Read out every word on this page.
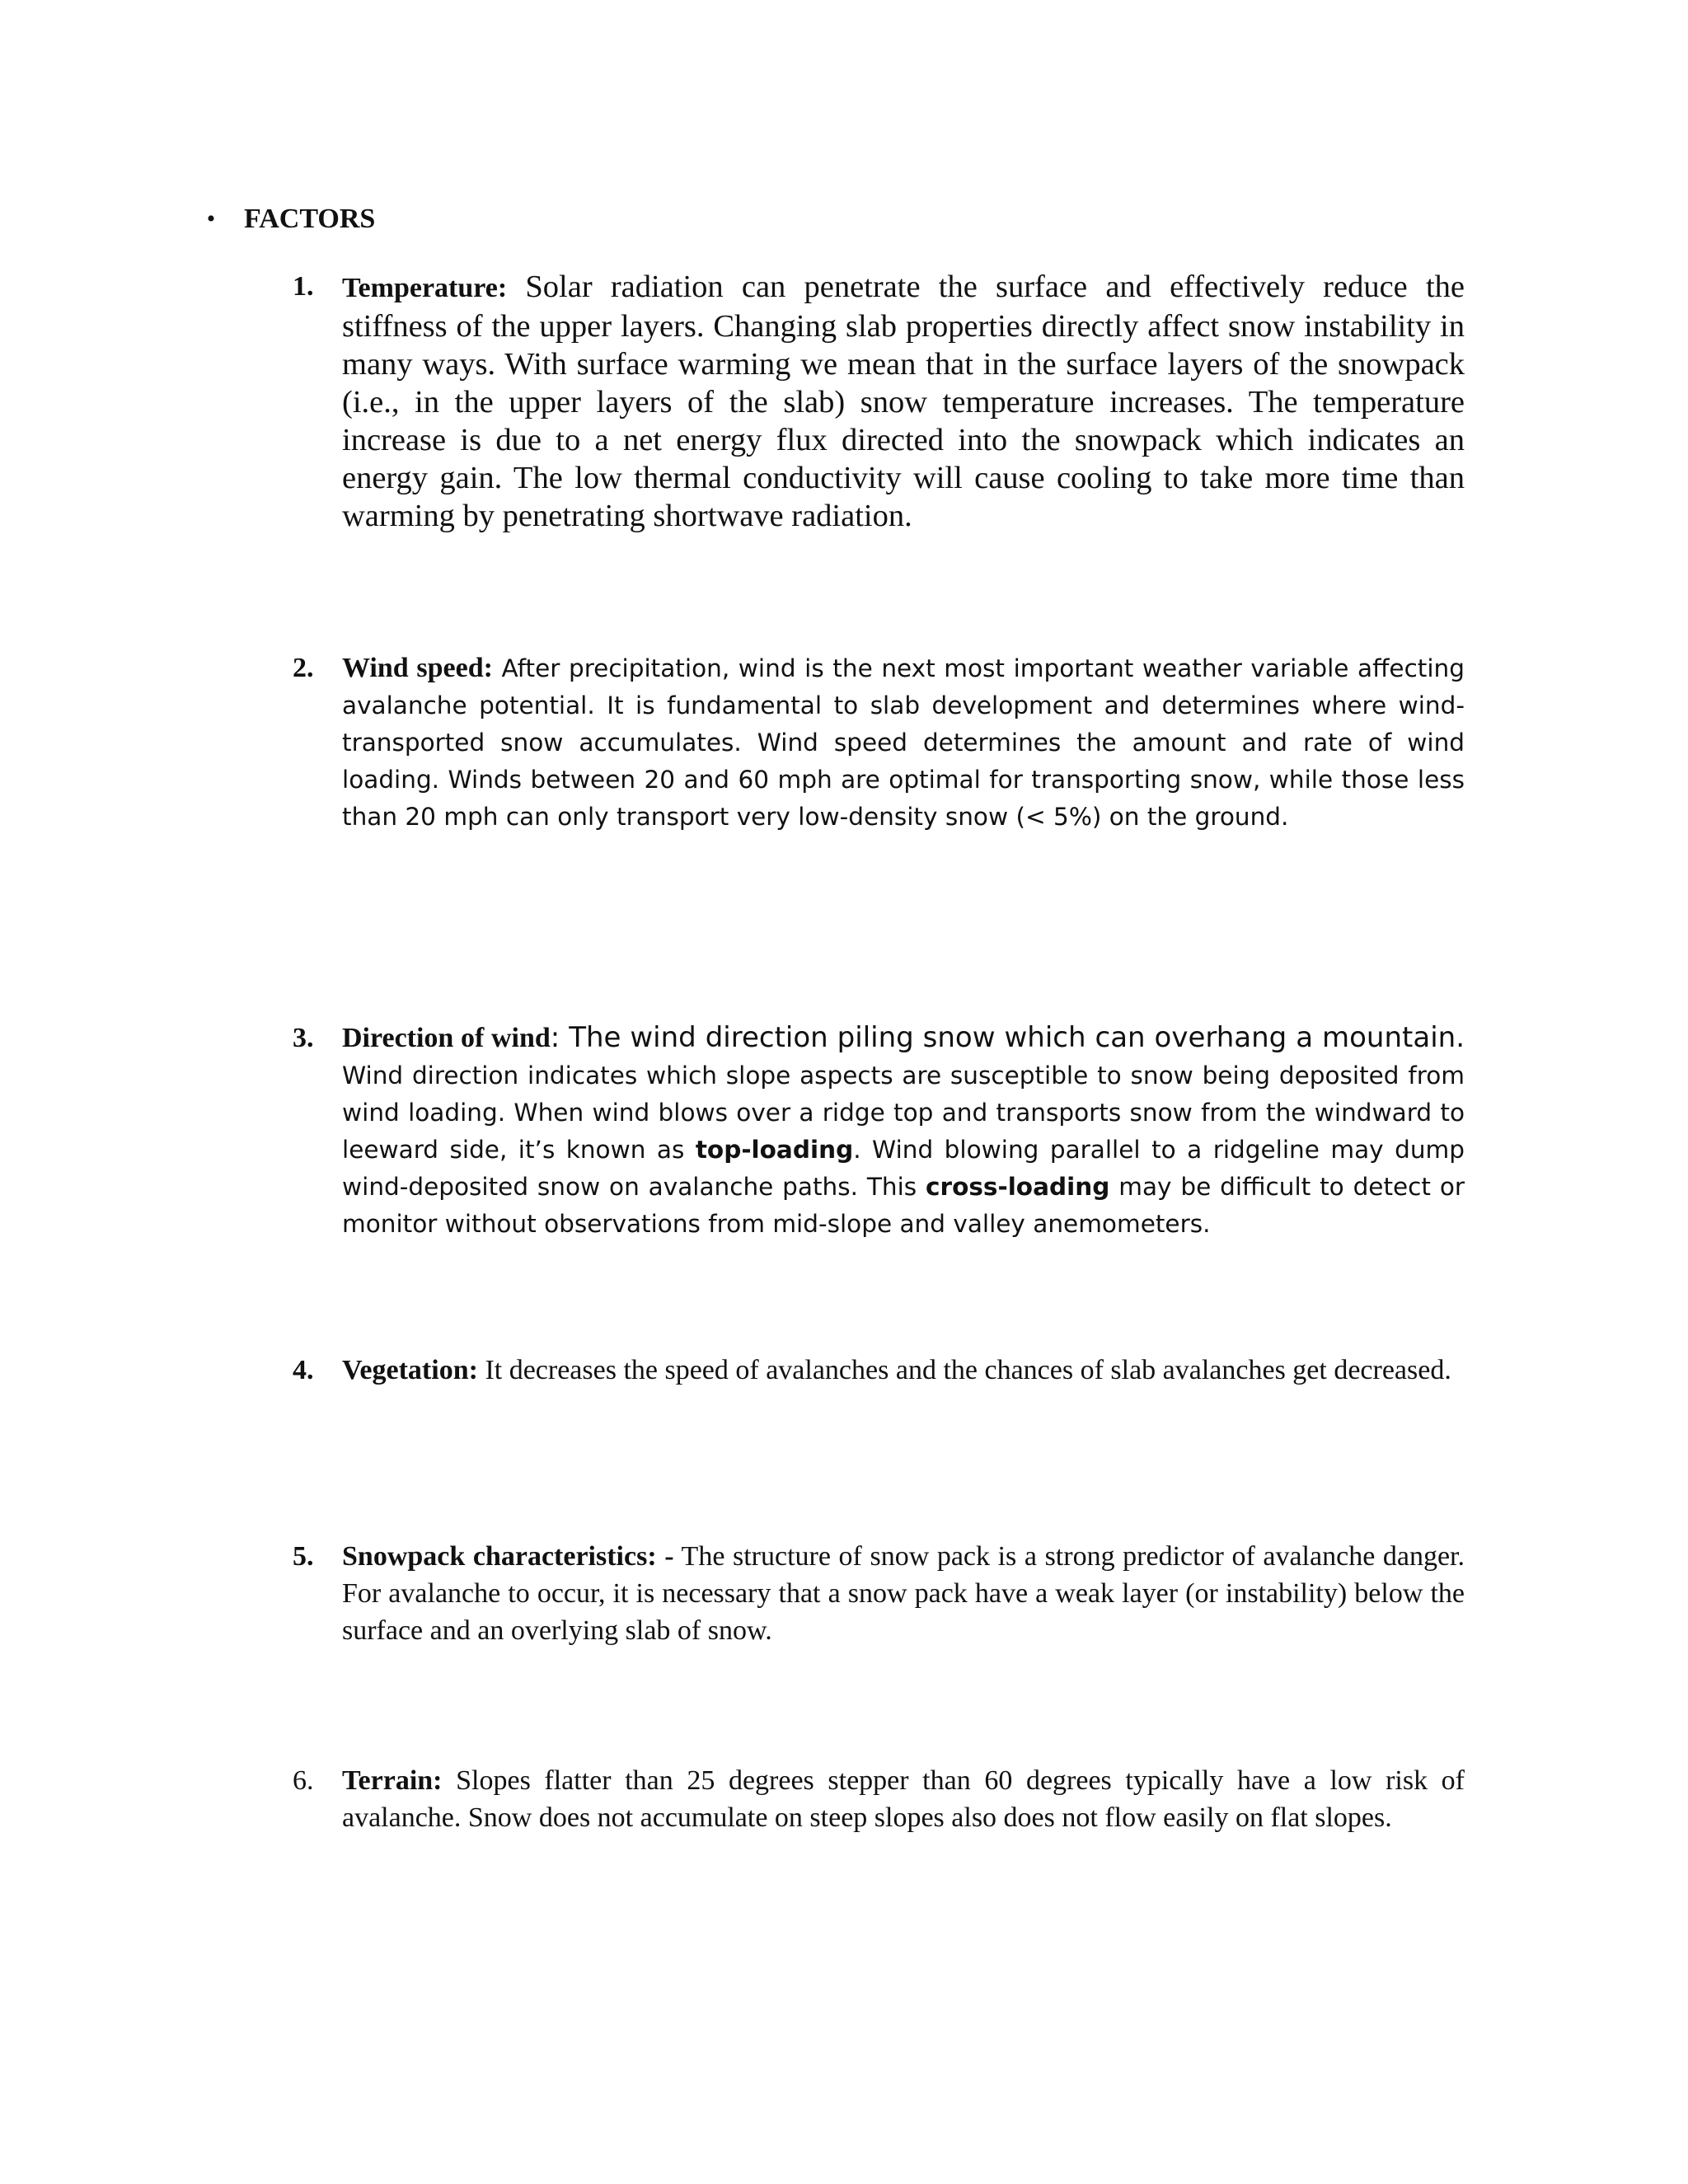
•	FACTORS
1.	Temperature: Solar radiation can penetrate the surface and effectively reduce the stiffness of the upper layers. Changing slab properties directly affect snow instability in many ways. With surface warming we mean that in the surface layers of the snowpack (i.e., in the upper layers of the slab) snow temperature increases. The temperature increase is due to a net energy flux directed into the snowpack which indicates an energy gain. The low thermal conductivity will cause cooling to take more time than warming by penetrating shortwave radiation.
2.	Wind speed: After precipitation, wind is the next most important weather variable affecting avalanche potential. It is fundamental to slab development and determines where wind-transported snow accumulates. Wind speed determines the amount and rate of wind loading. Winds between 20 and 60 mph are optimal for transporting snow, while those less than 20 mph can only transport very low-density snow (< 5%) on the ground.
3.	Direction of wind: The wind direction piling snow which can overhang a mountain. Wind direction indicates which slope aspects are susceptible to snow being deposited from wind loading. When wind blows over a ridge top and transports snow from the windward to leeward side, it’s known as top-loading. Wind blowing parallel to a ridgeline may dump wind-deposited snow on avalanche paths. This cross-loading may be difficult to detect or monitor without observations from mid-slope and valley anemometers.
4.	Vegetation: It decreases the speed of avalanches and the chances of slab avalanches get decreased.
5.	Snowpack characteristics: - The structure of snow pack is a strong predictor of avalanche danger. For avalanche to occur, it is necessary that a snow pack have a weak layer (or instability) below the surface and an overlying slab of snow.
6.	Terrain: Slopes flatter than 25 degrees stepper than 60 degrees typically have a low risk of avalanche. Snow does not accumulate on steep slopes also does not flow easily on flat slopes.
